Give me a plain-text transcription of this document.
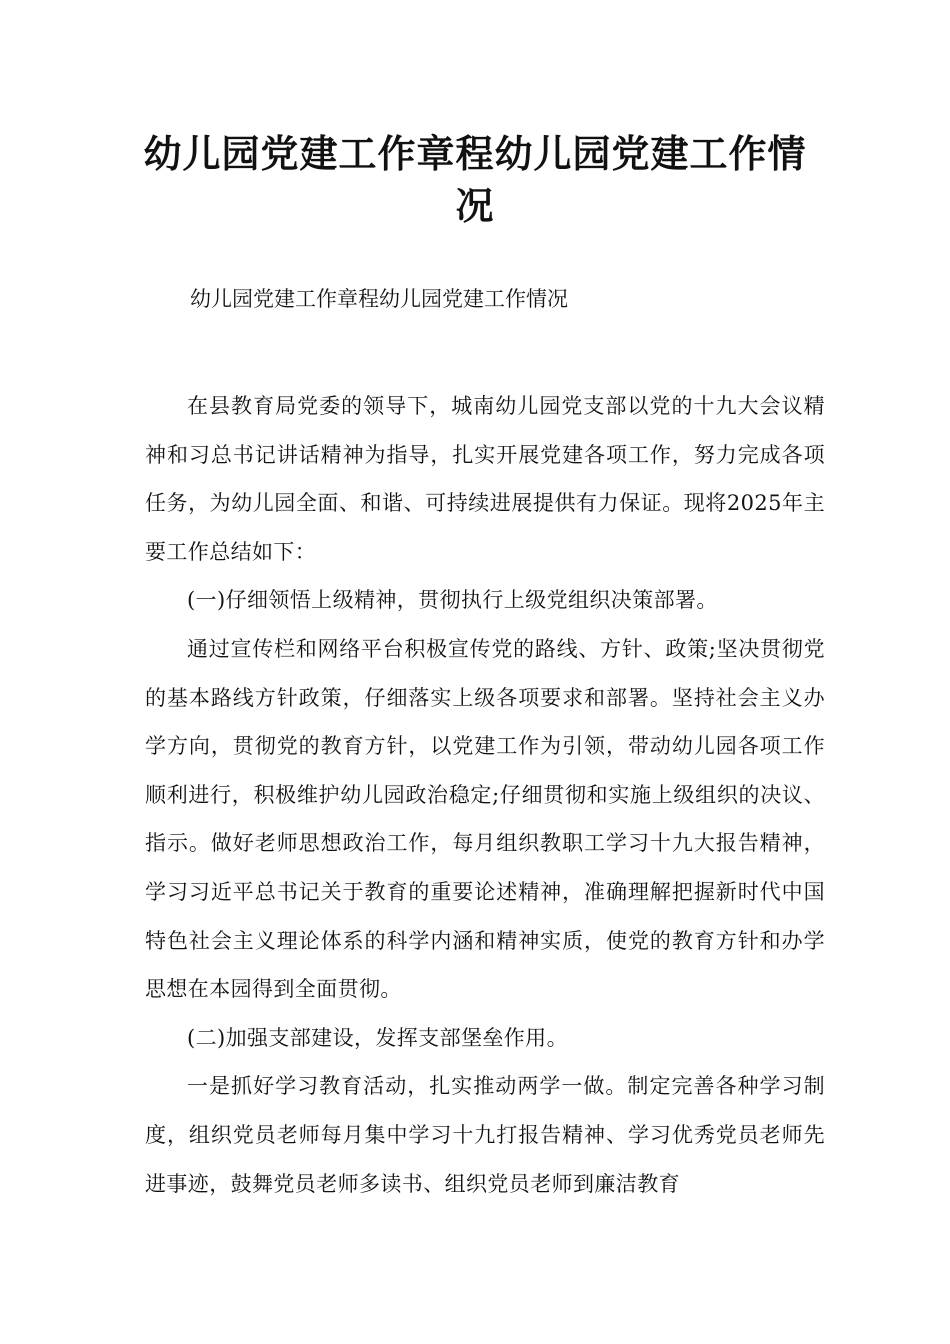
幼儿园党建工作章程幼儿园党建工作情况

幼儿园党建工作章程幼儿园党建工作情况

在县教育局党委的领导下，城南幼儿园党支部以党的十九大会议精神和习总书记讲话精神为指导，扎实开展党建各项工作，努力完成各项任务，为幼儿园全面、和谐、可持续进展提供有力保证。现将2025年主要工作总结如下：

(一)仔细领悟上级精神，贯彻执行上级党组织决策部署。

通过宣传栏和网络平台积极宣传党的路线、方针、政策;坚决贯彻党的基本路线方针政策，仔细落实上级各项要求和部署。坚持社会主义办学方向，贯彻党的教育方针，以党建工作为引领，带动幼儿园各项工作顺利进行，积极维护幼儿园政治稳定;仔细贯彻和实施上级组织的决议、指示。做好老师思想政治工作，每月组织教职工学习十九大报告精神，学习习近平总书记关于教育的重要论述精神，准确理解把握新时代中国特色社会主义理论体系的科学内涵和精神实质，使党的教育方针和办学思想在本园得到全面贯彻。

(二)加强支部建设，发挥支部堡垒作用。

一是抓好学习教育活动，扎实推动两学一做。制定完善各种学习制度，组织党员老师每月集中学习十九打报告精神、学习优秀党员老师先进事迹，鼓舞党员老师多读书、组织党员老师到廉洁教育
